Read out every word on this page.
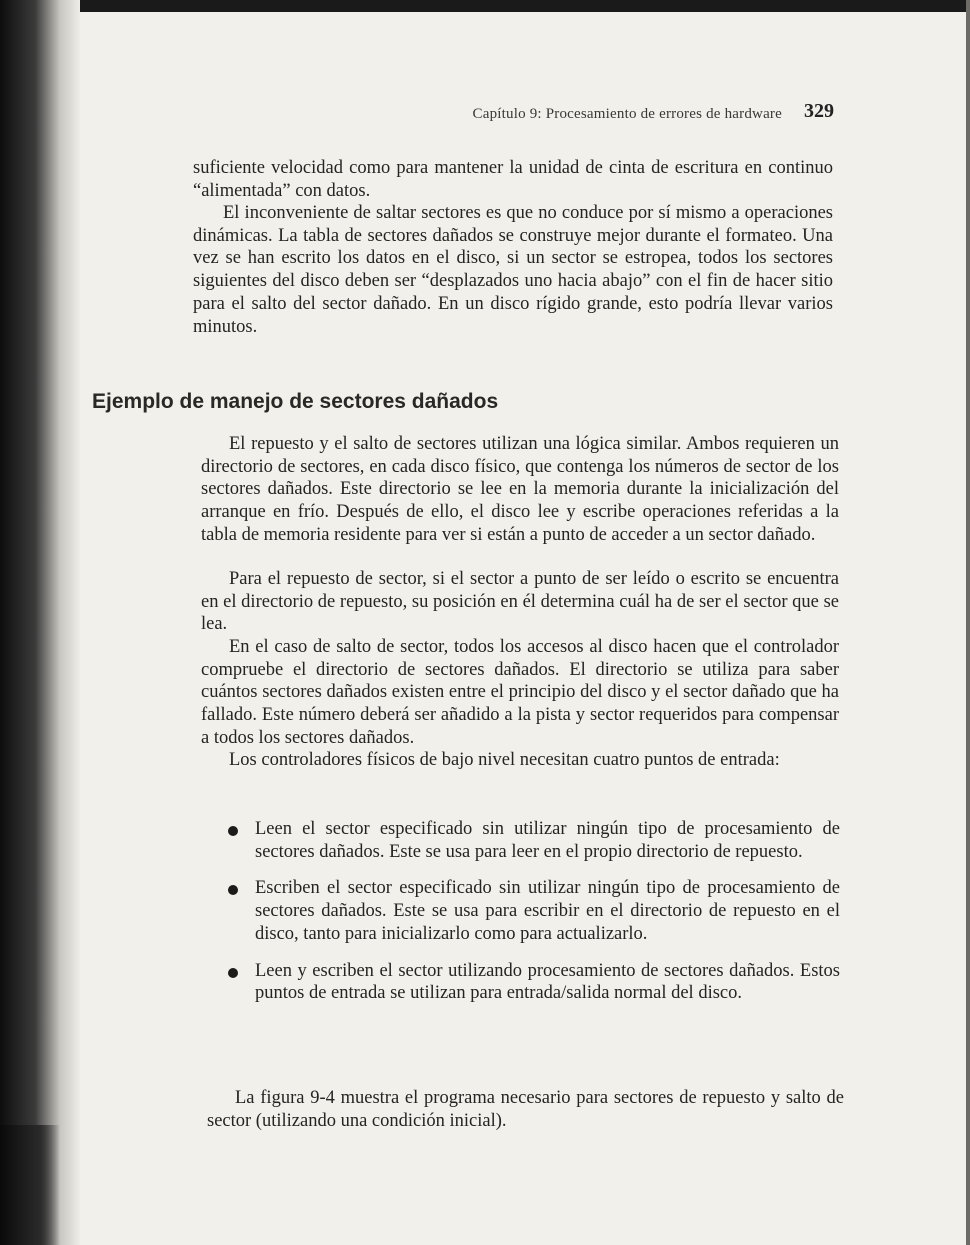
Capítulo 9: Procesamiento de errores de hardware 329

suficiente velocidad como para mantener la unidad de cinta de escritura en continuo “alimentada” con datos.

El inconveniente de saltar sectores es que no conduce por sí mismo a operaciones dinámicas. La tabla de sectores dañados se construye mejor durante el formateo. Una vez se han escrito los datos en el disco, si un sector se estropea, todos los sectores siguientes del disco deben ser “desplazados uno hacia abajo” con el fin de hacer sitio para el salto del sector dañado. En un disco rígido grande, esto podría llevar varios minutos.

Ejemplo de manejo de sectores dañados

El repuesto y el salto de sectores utilizan una lógica similar. Ambos requieren un directorio de sectores, en cada disco físico, que contenga los números de sector de los sectores dañados. Este directorio se lee en la memoria durante la inicialización del arranque en frío. Después de ello, el disco lee y escribe operaciones referidas a la tabla de memoria residente para ver si están a punto de acceder a un sector dañado.

Para el repuesto de sector, si el sector a punto de ser leído o escrito se encuentra en el directorio de repuesto, su posición en él determina cuál ha de ser el sector que se lea.

En el caso de salto de sector, todos los accesos al disco hacen que el controlador compruebe el directorio de sectores dañados. El directorio se utiliza para saber cuántos sectores dañados existen entre el principio del disco y el sector dañado que ha fallado. Este número deberá ser añadido a la pista y sector requeridos para compensar a todos los sectores dañados.

Los controladores físicos de bajo nivel necesitan cuatro puntos de entrada:

Leen el sector especificado sin utilizar ningún tipo de procesamiento de sectores dañados. Este se usa para leer en el propio directorio de repuesto.
Escriben el sector especificado sin utilizar ningún tipo de procesamiento de sectores dañados. Este se usa para escribir en el directorio de repuesto en el disco, tanto para inicializarlo como para actualizarlo.
Leen y escriben el sector utilizando procesamiento de sectores dañados. Estos puntos de entrada se utilizan para entrada/salida normal del disco.

La figura 9-4 muestra el programa necesario para sectores de repuesto y salto de sector (utilizando una condición inicial).
